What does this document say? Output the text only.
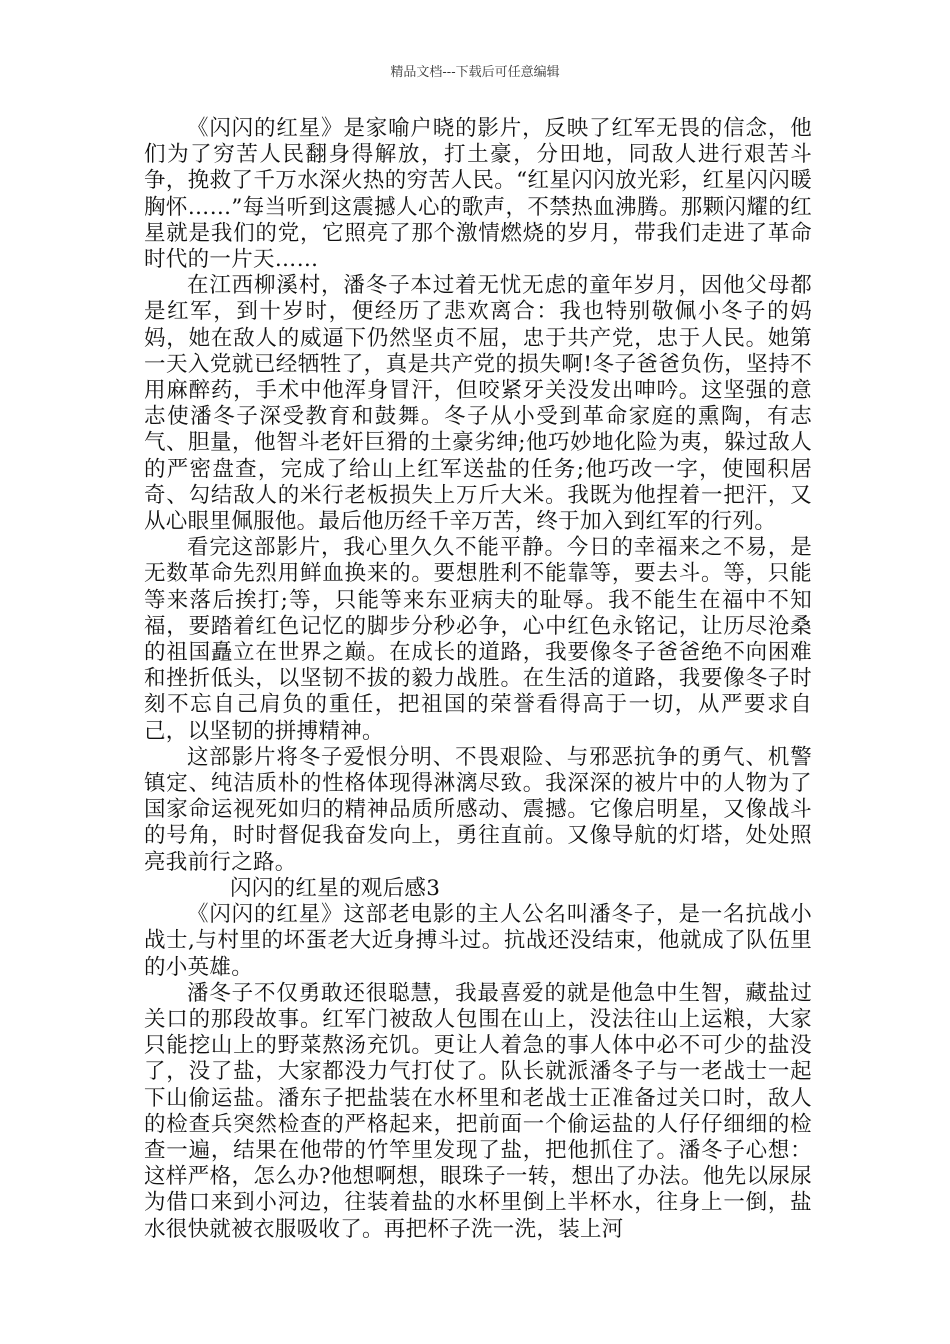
精品文档---下载后可任意编辑

《闪闪的红星》是家喻户晓的影片，反映了红军无畏的信念，他们为了穷苦人民翻身得解放，打土豪，分田地，同敌人进行艰苦斗争，挽救了千万水深火热的穷苦人民。“红星闪闪放光彩，红星闪闪暖胸怀……”每当听到这震撼人心的歌声，不禁热血沸腾。那颗闪耀的红星就是我们的党，它照亮了那个激情燃烧的岁月，带我们走进了革命时代的一片天……

在江西柳溪村，潘冬子本过着无忧无虑的童年岁月，因他父母都是红军，到十岁时，便经历了悲欢离合：我也特别敬佩小冬子的妈妈，她在敌人的威逼下仍然坚贞不屈，忠于共产党，忠于人民。她第一天入党就已经牺牲了，真是共产党的损失啊!冬子爸爸负伤，坚持不用麻醉药，手术中他浑身冒汗，但咬紧牙关没发出呻吟。这坚强的意志使潘冬子深受教育和鼓舞。冬子从小受到革命家庭的熏陶，有志气、胆量，他智斗老奸巨猾的土豪劣绅;他巧妙地化险为夷，躲过敌人的严密盘查，完成了给山上红军送盐的任务;他巧改一字，使囤积居奇、勾结敌人的米行老板损失上万斤大米。我既为他捏着一把汗，又从心眼里佩服他。最后他历经千辛万苦，终于加入到红军的行列。

看完这部影片，我心里久久不能平静。今日的幸福来之不易，是无数革命先烈用鲜血换来的。要想胜利不能靠等，要去斗。等，只能等来落后挨打;等，只能等来东亚病夫的耻辱。我不能生在福中不知福，要踏着红色记忆的脚步分秒必争，心中红色永铭记，让历尽沧桑的祖国矗立在世界之巅。在成长的道路，我要像冬子爸爸绝不向困难和挫折低头，以坚韧不拔的毅力战胜。在生活的道路，我要像冬子时刻不忘自己肩负的重任，把祖国的荣誉看得高于一切，从严要求自己，以坚韧的拼搏精神。

这部影片将冬子爱恨分明、不畏艰险、与邪恶抗争的勇气、机警镇定、纯洁质朴的性格体现得淋漓尽致。我深深的被片中的人物为了国家命运视死如归的精神品质所感动、震撼。它像启明星，又像战斗的号角，时时督促我奋发向上，勇往直前。又像导航的灯塔，处处照亮我前行之路。

闪闪的红星的观后感3

《闪闪的红星》这部老电影的主人公名叫潘冬子，是一名抗战小战士,与村里的坏蛋老大近身搏斗过。抗战还没结束，他就成了队伍里的小英雄。

潘冬子不仅勇敢还很聪慧，我最喜爱的就是他急中生智，藏盐过关口的那段故事。红军门被敌人包围在山上，没法往山上运粮，大家只能挖山上的野菜熬汤充饥。更让人着急的事人体中必不可少的盐没了，没了盐，大家都没力气打仗了。队长就派潘冬子与一老战士一起下山偷运盐。潘东子把盐装在水杯里和老战士正准备过关口时，敌人的检查兵突然检查的严格起来，把前面一个偷运盐的人仔仔细细的检查一遍，结果在他带的竹竿里发现了盐，把他抓住了。潘冬子心想：这样严格，怎么办?他想啊想，眼珠子一转，想出了办法。他先以尿尿为借口来到小河边，往装着盐的水杯里倒上半杯水，往身上一倒，盐水很快就被衣服吸收了。再把杯子洗一洗，装上河
